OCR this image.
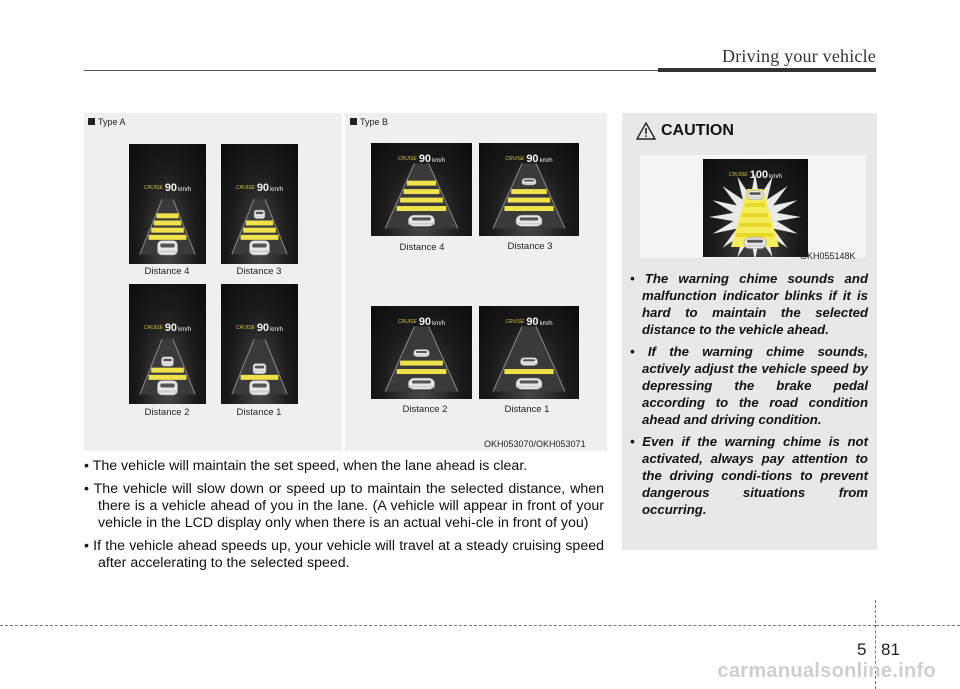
Driving your vehicle
Type A	Type B
CRUISE 90km/h	CRUISE 90km/h
CRUISE 90km/h	CRUISE 90km/h
Distance 4	Distance 3
Distance 2	Distance 1
CRUISE 90km/h	CRUISE 90km/h
CRUISE 90km/h	CRUISE 90km/h
Distance 4	Distance 3
Distance 2	Distance 1
OKH053070/OKH053071
CAUTION
CRUISE 100km/h
OKH055148K
• The warning chime sounds and malfunction indicator blinks if it is hard to maintain the selected distance to the vehicle ahead.
• If the warning chime sounds, actively adjust the vehicle speed by depressing the brake pedal according to the road condition ahead and driving condition.
• Even if the warning chime is not activated, always pay attention to the driving condi-tions to prevent dangerous situations from occurring.
• The vehicle will maintain the set speed, when the lane ahead is clear.
• The vehicle will slow down or speed up to maintain the selected distance, when there is a vehicle ahead of you in the lane. (A vehicle will appear in front of your vehicle in the LCD display only when there is an actual vehi-cle in front of you)
• If the vehicle ahead speeds up, your vehicle will travel at a steady cruising speed after accelerating to the selected speed.
5 81
carmanualsonline.info
